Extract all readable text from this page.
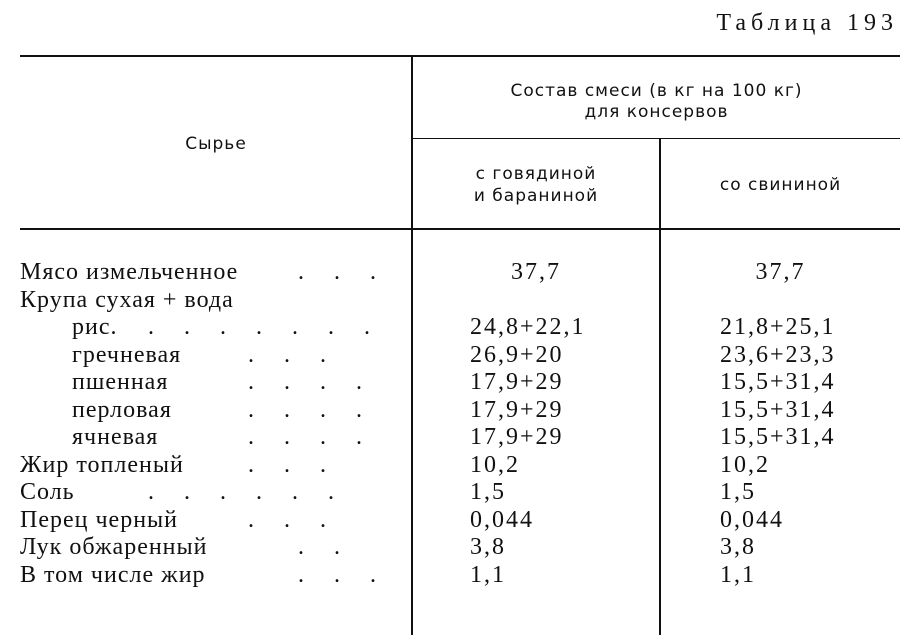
Таблица 193
Сырье
Состав смеси (в кг на 100 кг)
для консервов
с говядиной
и бараниной
со свининой
Мясо измельченное . . .	37,7	37,7
Крупа сухая + вода
рис. . . . . . . .	24,8+22,1	21,8+25,1
гречневая	. . .	26,9+20	23,6+23,3
пшенная	. . . .	17,9+29	15,5+31,4
перловая	. . . .	17,9+29	15,5+31,4
ячневая	. . . .	17,9+29	15,5+31,4
Жир топленый	. . .	10,2	10,2
Соль	. . . . . .	1,5	1,5
Перец черный	. . .	0,044	0,044
Лук обжаренный	. .	3,8	3,8
В том числе жир	. . .	1,1	1,1
